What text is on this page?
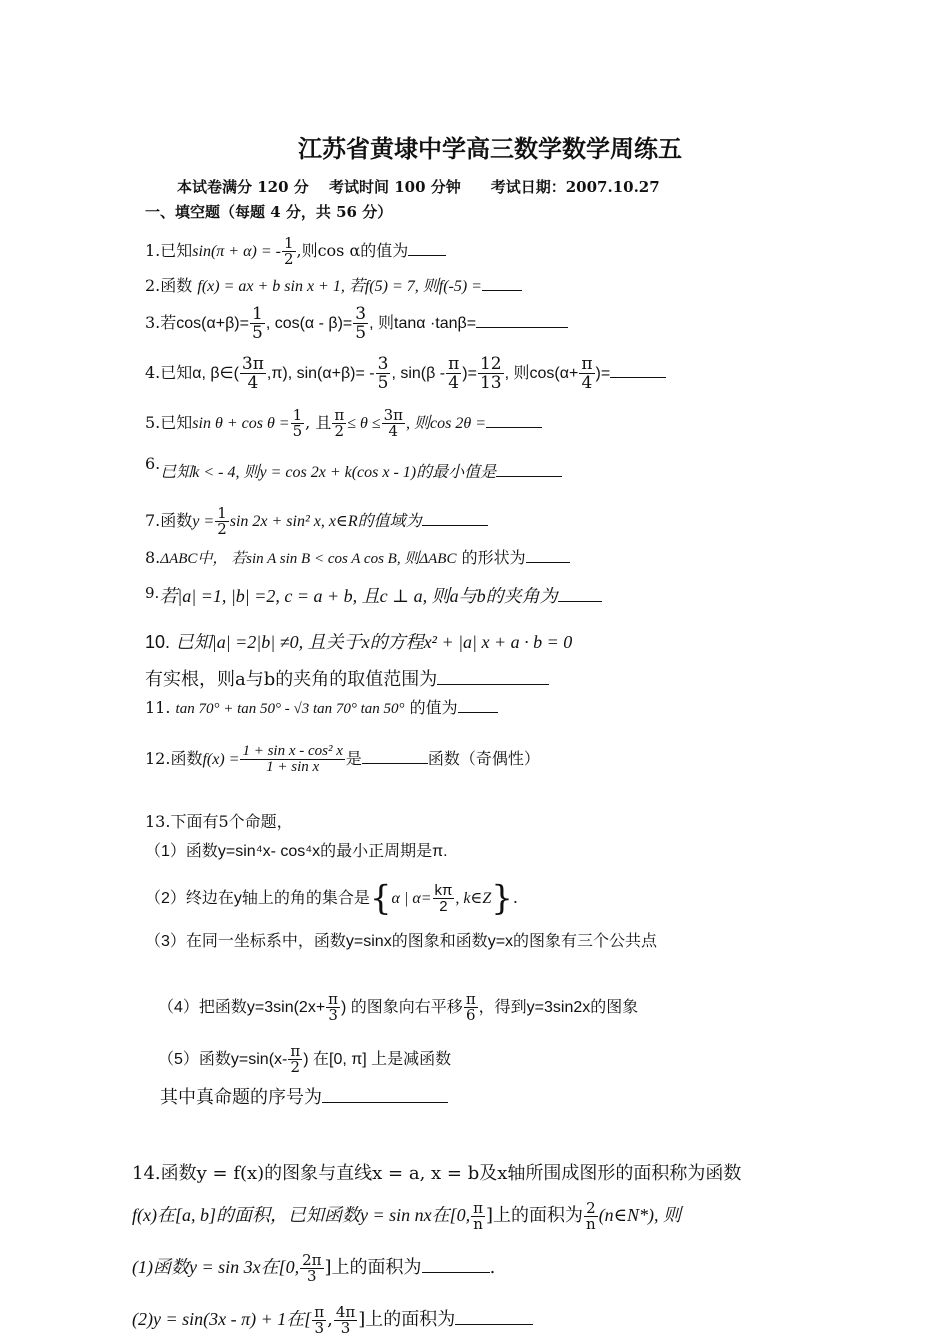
江苏省黄埭中学高三数学数学周练五
本试卷满分 120 分　 考试时间 100 分钟　　考试日期：2007.10.27
一、填空题（每题 4 分，共 56 分）
1.已知sin(π + α) = - $\frac{1}{2}$ ,则cos α的值为
2.函数 f(x) = ax + b sin x + 1, 若f(5) = 7, 则f(-5) =
3.若$\cos(\alpha+\beta)= \frac{1}{5}$ , $\cos(\alpha - \beta)= \frac{3}{5}$ , 则tanα ·tanβ=
4.已知α, β∈( $\frac{3\pi}{4} ,\pi$), $\sin(\alpha+\beta)= - \frac{3}{5}$ , $\sin(\beta - \frac{\pi}{4}$ )= $\frac{12}{13}$ , 则$\cos(\alpha+ \frac{\pi}{4}$ )=
5.已知$\sin \theta + \cos \theta = \frac{1}{5}$ , 且 $\frac{\pi}{2} \le \theta \le \frac{3\pi}{4}$ , 则cos 2θ =
6.已知k < - 4, 则y = cos 2x + k(cos x - 1)的最小值是
7.函数$y = \frac{1}{2}$ sin 2x + sin² x, x∈R的值域为
8.ΔABC中， 若sin A sin B < cos A cos B, 则ΔABC 的形状为
$^{9.}$若|a| =1, |b| =2, c = a + b, 且c ⊥ a, 则a与b的夹角为
10. 已知|a| =2|b| ≠0, 且关于x的方程x² + |a| x + a · b = 0
有实根，则a与b的夹角的取值范围为
11. tan 70° + tan 50° - √3 tan 70° tan 50° 的值为
12.函数$f(x) = \frac{\text{1 + sin x - cos² x}}{\text{1 + sin x}}$ 是	函数（奇偶性）
13.下面有5个命题，
（1）函数y=sin⁴x- cos⁴x的最小正周期是π.
（2）终边在y轴上的角的集合是{α | $\alpha= \frac{k\pi}{2}$ , k∈Z}.
（3）在同一坐标系中，函数y=sinx的图象和函数y=x的图象有三个公共点
（4）把函数$y=3\sin(2x+ \frac{\pi}{3}$ ) 的图象向右平移 $\frac{\pi}{6}$ ，得到y=3sin2x的图象
（5）函数$y=\sin(x- \frac{\pi}{2}$ ) 在[0, π] 上是减函数
其中真命题的序号为
14.函数y = f(x)的图象与直线x = a, x = b及x轴所围成图形的面积称为函数
f(x)在[a, b]的面积，已知函数y = sin nx在[0, $\frac{\pi}{n}$ ]上的面积为 $\frac{2}{n}$ (n∈N*), 则
(1)函数y = sin 3x在[0, $\frac{2\pi}{3}$ ]上的面积为	.
(2)y = sin(3x - π) + 1在[ $\frac{\pi}{3}$ , $\frac{4\pi}{3}$ ]上的面积为
